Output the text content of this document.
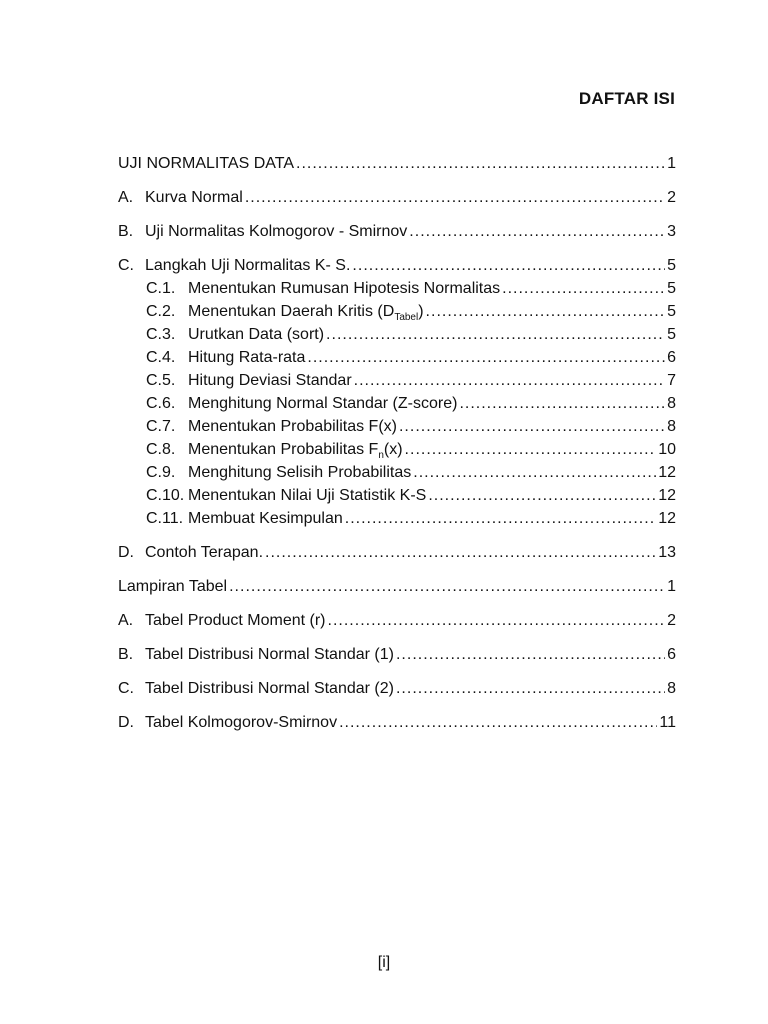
DAFTAR ISI
UJI NORMALITAS DATA .....	1
A. Kurva Normal .....	2
B. Uji Normalitas Kolmogorov - Smirnov .....	3
C. Langkah Uji Normalitas K- S. .....	5
C.1. Menentukan Rumusan Hipotesis Normalitas .....	5
C.2. Menentukan Daerah Kritis $(D_{Tabel})$ .....	5
C.3. Urutkan Data (sort) .....	5
C.4. Hitung Rata-rata .....	6
C.5. Hitung Deviasi Standar .....	7
C.6. Menghitung Normal Standar (Z-score) .....	8
C.7. Menentukan Probabilitas F(x) .....	8
C.8. Menentukan Probabilitas $F_n(x)$ .....	10
C.9. Menghitung Selisih Probabilitas .....	12
C.10. Menentukan Nilai Uji Statistik K-S .....	12
C.11. Membuat Kesimpulan .....	12
D. Contoh Terapan. .....	13
Lampiran Tabel .....	1
A. Tabel Product Moment (r) .....	2
B. Tabel Distribusi Normal Standar (1) .....	6
C. Tabel Distribusi Normal Standar (2) .....	8
D. Tabel Kolmogorov-Smirnov .....	11
[i]
